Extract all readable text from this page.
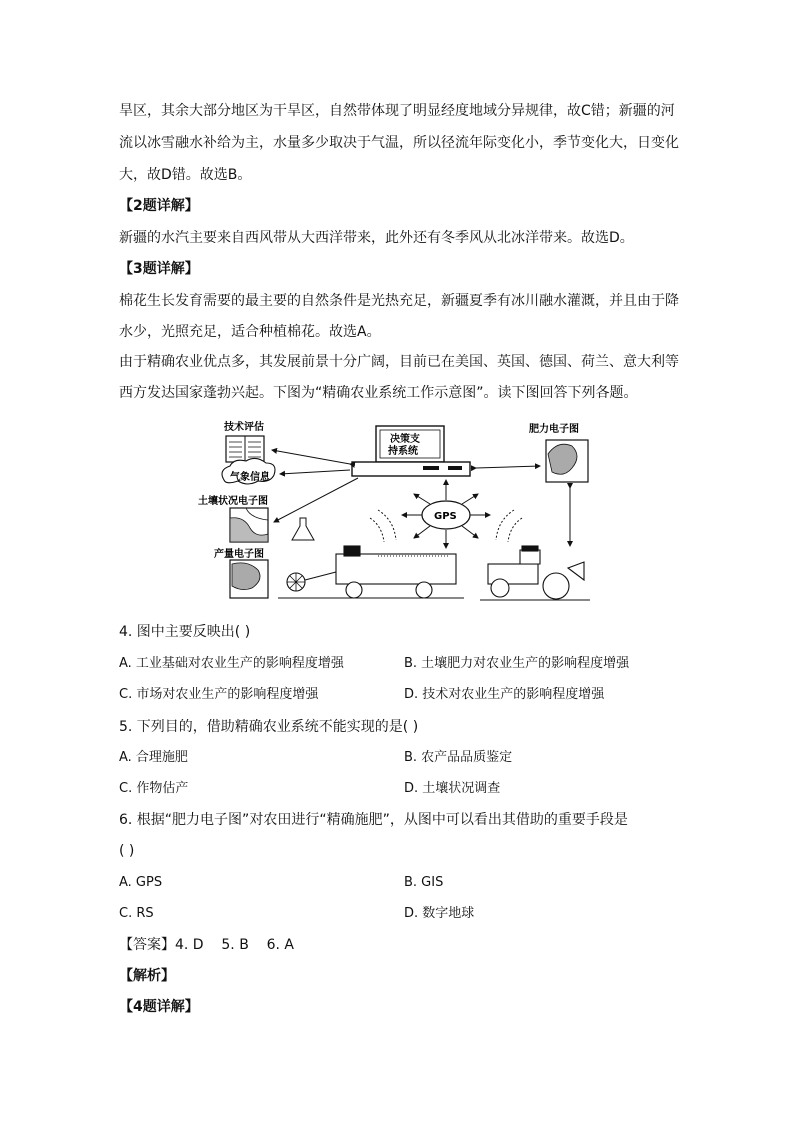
旱区，其余大部分地区为干旱区，自然带体现了明显经度地域分异规律，故C错；新疆的河
流以冰雪融水补给为主，水量多少取决于气温，所以径流年际变化小，季节变化大，日变化
大，故D错。故选B。
【2题详解】
新疆的水汽主要来自西风带从大西洋带来，此外还有冬季风从北冰洋带来。故选D。
【3题详解】
棉花生长发育需要的最主要的自然条件是光热充足，新疆夏季有冰川融水灌溉，并且由于降
水少，光照充足，适合种植棉花。故选A。
由于精确农业优点多，其发展前景十分广阔，目前已在美国、英国、德国、荷兰、意大利等
西方发达国家蓬勃兴起。下图为“精确农业系统工作示意图”。读下图回答下列各题。
技术评估
气象信息
土壤状况电子图
产量电子图
决策支
持系统
肥力电子图
GPS
4. 图中主要反映出( )
A. 工业基础对农业生产的影响程度增强	B. 土壤肥力对农业生产的影响程度增强
C. 市场对农业生产的影响程度增强	D. 技术对农业生产的影响程度增强
5. 下列目的，借助精确农业系统不能实现的是( )
A. 合理施肥	B. 农产品品质鉴定
C. 作物估产	D. 土壤状况调查
6. 根据“肥力电子图”对农田进行“精确施肥”，从图中可以看出其借助的重要手段是
( )
A. GPS	B. GIS
C. RS	D. 数字地球
【答案】4. D    5. B    6. A
【解析】
【4题详解】
